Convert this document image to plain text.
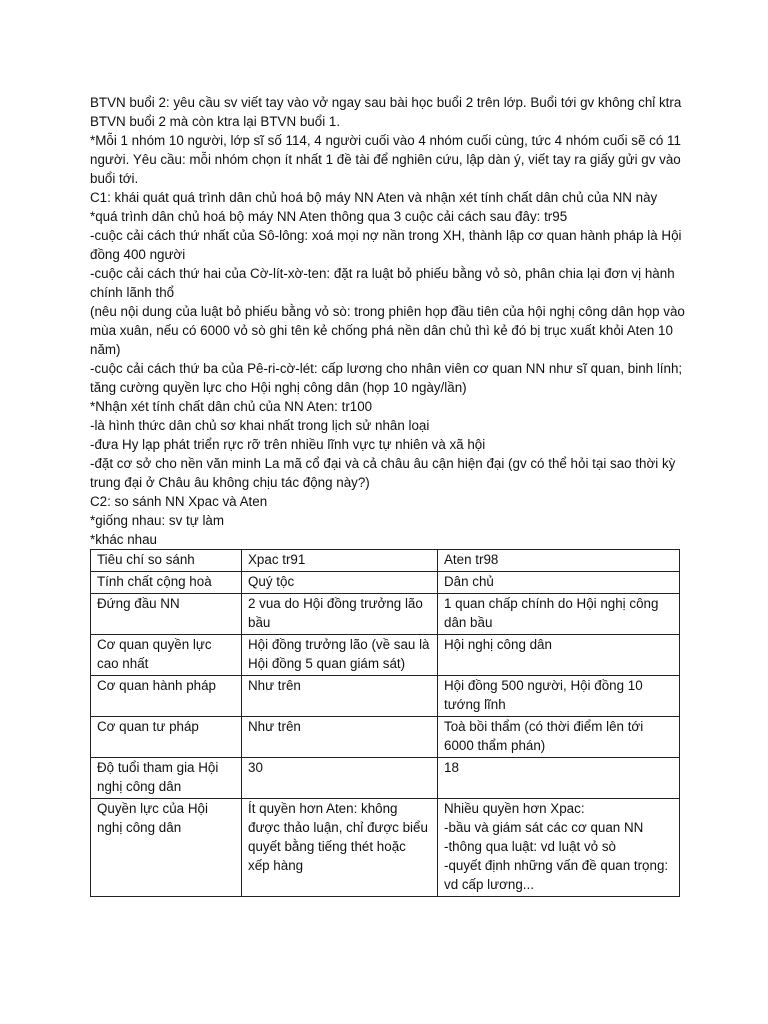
BTVN buổi 2: yêu cầu sv viết tay vào vở ngay sau bài học buổi 2 trên lớp. Buổi tới gv không chỉ ktra BTVN buổi 2 mà còn ktra lại BTVN buổi 1.

*Mỗi 1 nhóm 10 người, lớp sĩ số 114, 4 người cuối vào 4 nhóm cuối cùng, tức 4 nhóm cuối sẽ có 11 người. Yêu cầu: mỗi nhóm chọn ít nhất 1 đề tài để nghiên cứu, lập dàn ý, viết tay ra giấy gửi gv vào buổi tới.

C1: khái quát quá trình dân chủ hoá bộ máy NN Aten và nhận xét tính chất dân chủ của NN này

*quá trình dân chủ hoá bộ máy NN Aten thông qua 3 cuộc cải cách sau đây: tr95

-cuộc cải cách thứ nhất của Sô-lông: xoá mọi nợ nần trong XH, thành lập cơ quan hành pháp là Hội đồng 400 người

-cuộc cải cách thứ hai của Cờ-lít-xờ-ten: đặt ra luật bỏ phiếu bằng vỏ sò, phân chia lại đơn vị hành chính lãnh thổ

(nêu nội dung của luật bỏ phiếu bằng vỏ sò: trong phiên họp đầu tiên của hội nghị công dân họp vào mùa xuân, nếu có 6000 vỏ sò ghi tên kẻ chống phá nền dân chủ thì kẻ đó bị trục xuất khỏi Aten 10 năm)

-cuộc cải cách thứ ba của Pê-ri-cờ-lét: cấp lương cho nhân viên cơ quan NN như sĩ quan, binh lính; tăng cường quyền lực cho Hội nghị công dân (họp 10 ngày/lần)

*Nhận xét tính chất dân chủ của NN Aten: tr100

-là hình thức dân chủ sơ khai nhất trong lịch sử nhân loại

-đưa Hy lạp phát triển rực rỡ trên nhiều lĩnh vực tự nhiên và xã hội

-đặt cơ sở cho nền văn minh La mã cổ đại và cả châu âu cận hiện đại (gv có thể hỏi tại sao thời kỳ trung đại ở Châu âu không chịu tác động này?)

C2: so sánh NN Xpac và Aten

*giống nhau: sv tự làm

*khác nhau

Tiêu chí so sánh	Xpac tr91	Aten tr98
Tính chất cộng hoà	Quý tộc	Dân chủ
Đứng đầu NN	2 vua do Hội đồng trưởng lão bầu	1 quan chấp chính do Hội nghị công dân bầu
Cơ quan quyền lực cao nhất	Hội đồng trưởng lão (về sau là Hội đồng 5 quan giám sát)	Hội nghị công dân
Cơ quan hành pháp	Như trên	Hội đồng 500 người, Hội đồng 10 tướng lĩnh
Cơ quan tư pháp	Như trên	Toà bồi thẩm (có thời điểm lên tới 6000 thẩm phán)
Độ tuổi tham gia Hội nghị công dân	30	18
Quyền lực của Hội nghị công dân	Ít quyền hơn Aten: không được thảo luận, chỉ được biểu quyết bằng tiếng thét hoặc xếp hàng	Nhiều quyền hơn Xpac:
-bầu và giám sát các cơ quan NN
-thông qua luật: vd luật vỏ sò
-quyết định những vấn đề quan trọng: vd cấp lương...
